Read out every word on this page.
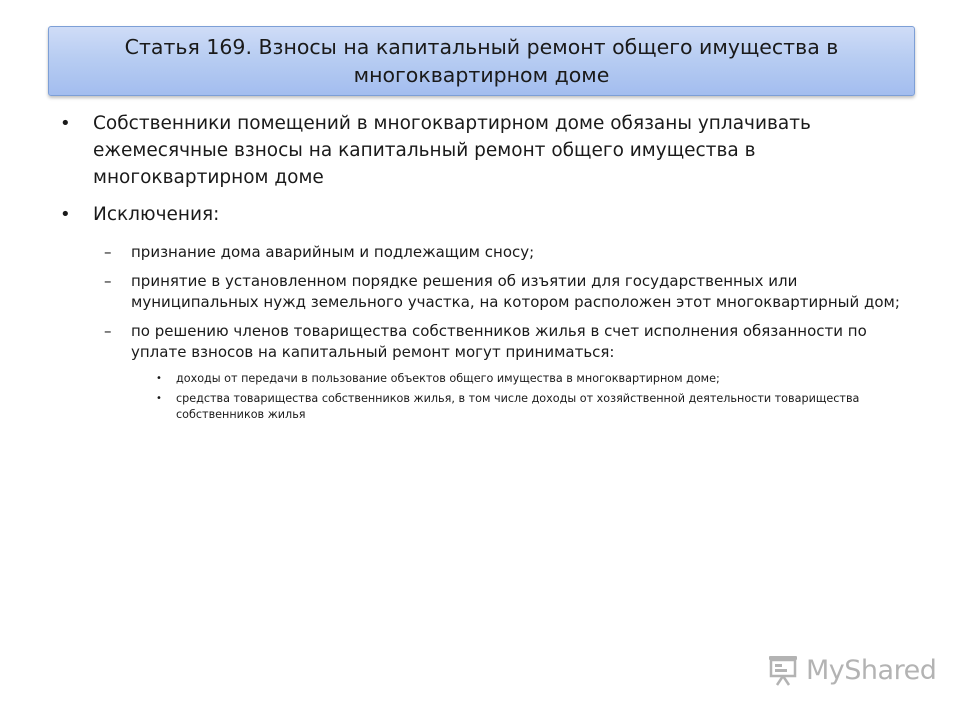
Статья 169. Взносы на капитальный ремонт общего имущества в многоквартирном доме
• Собственники помещений в многоквартирном доме обязаны уплачивать ежемесячные взносы на капитальный ремонт общего имущества в многоквартирном доме
• Исключения:
– признание дома аварийным и подлежащим сносу;
– принятие в установленном порядке решения об изъятии для государственных или муниципальных нужд земельного участка, на котором расположен этот многоквартирный дом;
– по решению членов товарищества собственников жилья в счет исполнения обязанности по уплате взносов на капитальный ремонт могут приниматься:
• доходы от передачи в пользование объектов общего имущества в многоквартирном доме;
• средства товарищества собственников жилья, в том числе доходы от хозяйственной деятельности товарищества собственников жилья
MyShared
